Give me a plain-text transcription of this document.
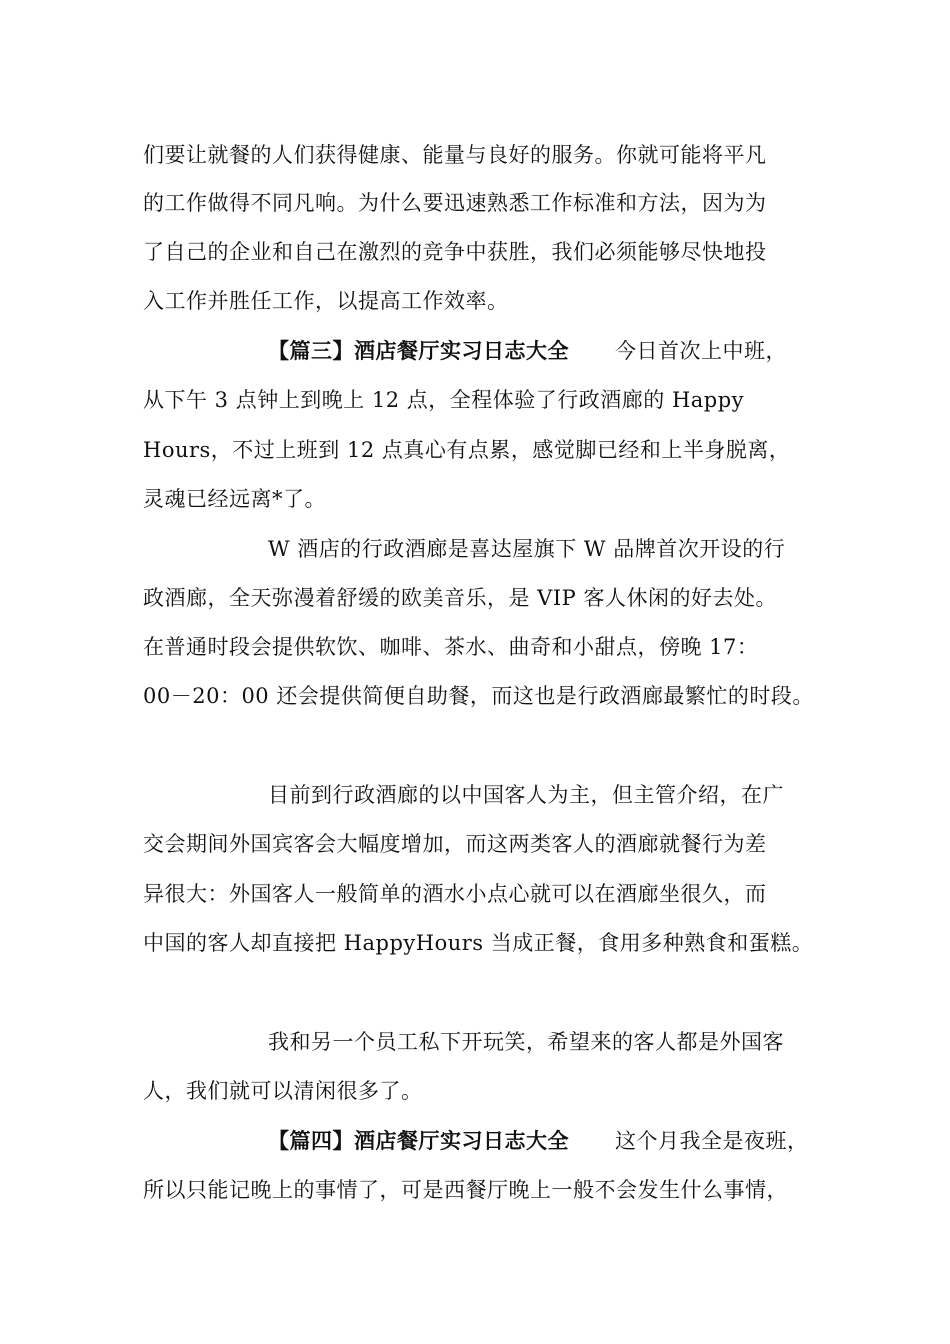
们要让就餐的人们获得健康、能量与良好的服务。你就可能将平凡
的工作做得不同凡响。为什么要迅速熟悉工作标准和方法，因为为
了自己的企业和自己在激烈的竞争中获胜，我们必须能够尽快地投
入工作并胜任工作，以提高工作效率。
【篇三】酒店餐厅实习日志大全 今日首次上中班，
从下午 3 点钟上到晚上 12 点，全程体验了行政酒廊的 Happy
Hours，不过上班到 12 点真心有点累，感觉脚已经和上半身脱离，
灵魂已经远离*了。
W 酒店的行政酒廊是喜达屋旗下 W 品牌首次开设的行
政酒廊，全天弥漫着舒缓的欧美音乐，是 VIP 客人休闲的好去处。
在普通时段会提供软饮、咖啡、茶水、曲奇和小甜点，傍晚 17：
00－20：00 还会提供简便自助餐，而这也是行政酒廊最繁忙的时段。
目前到行政酒廊的以中国客人为主，但主管介绍，在广
交会期间外国宾客会大幅度增加，而这两类客人的酒廊就餐行为差
异很大：外国客人一般简单的酒水小点心就可以在酒廊坐很久，而
中国的客人却直接把 HappyHours 当成正餐，食用多种熟食和蛋糕。
我和另一个员工私下开玩笑，希望来的客人都是外国客
人，我们就可以清闲很多了。
【篇四】酒店餐厅实习日志大全 这个月我全是夜班，
所以只能记晚上的事情了，可是西餐厅晚上一般不会发生什么事情，
